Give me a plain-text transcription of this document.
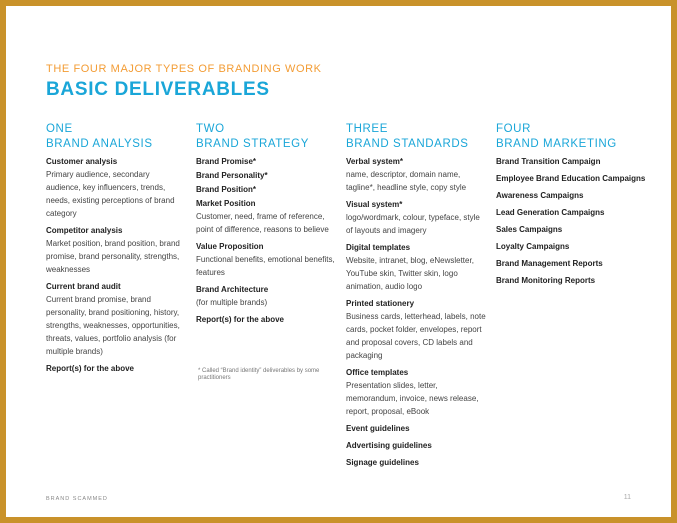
THE FOUR MAJOR TYPES OF BRANDING WORK
BASIC DELIVERABLES
ONE
BRAND ANALYSIS
Customer analysis
Primary audience, secondary audience, key influencers, trends, needs, existing perceptions of brand category
Competitor analysis
Market position, brand position, brand promise, brand personality, strengths, weaknesses
Current brand audit
Current brand promise, brand personality, brand positioning, history, strengths, weaknesses, opportunities, threats, values, portfolio analysis (for multiple brands)
Report(s) for the above
TWO
BRAND STRATEGY
Brand Promise*
Brand Personality*
Brand Position*
Market Position
Customer, need, frame of reference, point of difference, reasons to believe
Value Proposition
Functional benefits, emotional benefits, features
Brand Architecture
(for multiple brands)
Report(s) for the above
* Called “Brand identity” deliverables by some practitioners
THREE
BRAND STANDARDS
Verbal system*
name, descriptor, domain name, tagline*, headline style, copy style
Visual system*
logo/wordmark, colour, typeface, style of layouts and imagery
Digital templates
Website, intranet, blog, eNewsletter, YouTube skin, Twitter skin, logo animation, audio logo
Printed stationery
Business cards, letterhead, labels, note cards, pocket folder, envelopes, report and proposal covers, CD labels and packaging
Office templates
Presentation slides, letter, memorandum, invoice, news release, report, proposal, eBook
Event guidelines
Advertising guidelines
Signage guidelines
FOUR
BRAND MARKETING
Brand Transition Campaign
Employee Brand Education Campaigns
Awareness Campaigns
Lead Generation Campaigns
Sales Campaigns
Loyalty Campaigns
Brand Management Reports
Brand Monitoring Reports
BRAND SCAMMED	11
